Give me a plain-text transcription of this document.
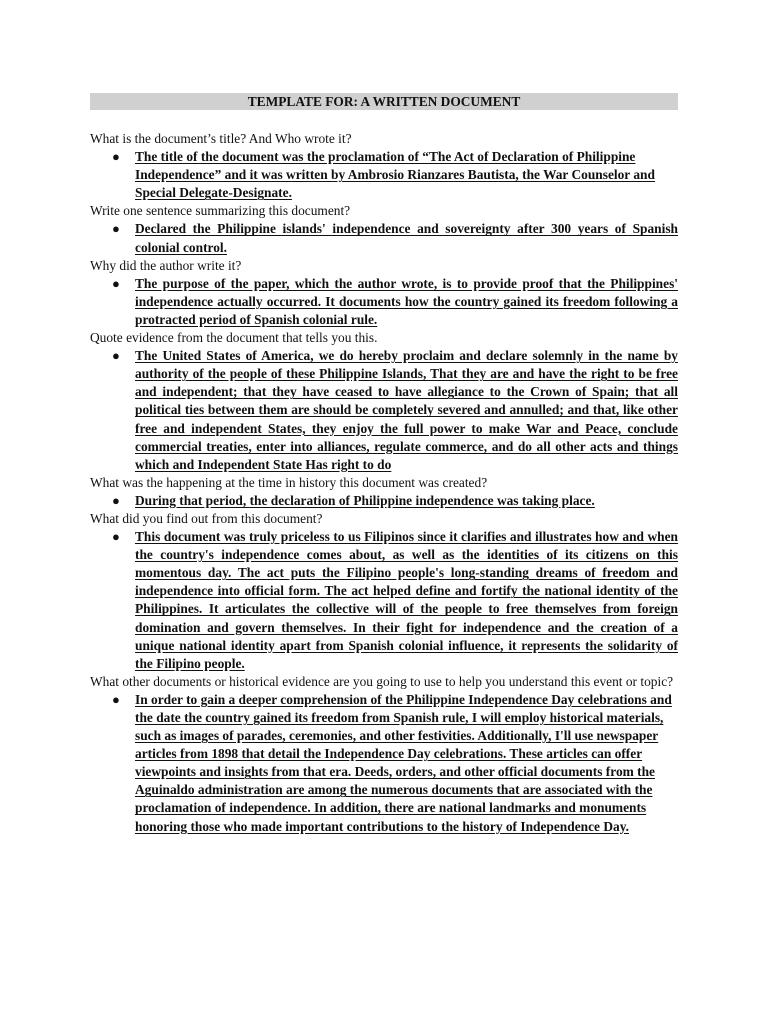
TEMPLATE FOR: A WRITTEN DOCUMENT
What is the document’s title? And Who wrote it?
● The title of the document was the proclamation of “The Act of Declaration of Philippine Independence” and it was written by Ambrosio Rianzares Bautista, the War Counselor and Special Delegate-Designate.
Write one sentence summarizing this document?
● Declared the Philippine islands' independence and sovereignty after 300 years of Spanish colonial control.
Why did the author write it?
● The purpose of the paper, which the author wrote, is to provide proof that the Philippines' independence actually occurred. It documents how the country gained its freedom following a protracted period of Spanish colonial rule.
Quote evidence from the document that tells you this.
● The United States of America, we do hereby proclaim and declare solemnly in the name by authority of the people of these Philippine Islands, That they are and have the right to be free and independent; that they have ceased to have allegiance to the Crown of Spain; that all political ties between them are should be completely severed and annulled; and that, like other free and independent States, they enjoy the full power to make War and Peace, conclude commercial treaties, enter into alliances, regulate commerce, and do all other acts and things which and Independent State Has right to do
What was the happening at the time in history this document was created?
● During that period, the declaration of Philippine independence was taking place.
What did you find out from this document?
● This document was truly priceless to us Filipinos since it clarifies and illustrates how and when the country's independence comes about, as well as the identities of its citizens on this momentous day. The act puts the Filipino people's long-standing dreams of freedom and independence into official form. The act helped define and fortify the national identity of the Philippines. It articulates the collective will of the people to free themselves from foreign domination and govern themselves. In their fight for independence and the creation of a unique national identity apart from Spanish colonial influence, it represents the solidarity of the Filipino people.
What other documents or historical evidence are you going to use to help you understand this event or topic?
● In order to gain a deeper comprehension of the Philippine Independence Day celebrations and the date the country gained its freedom from Spanish rule, I will employ historical materials, such as images of parades, ceremonies, and other festivities. Additionally, I'll use newspaper articles from 1898 that detail the Independence Day celebrations. These articles can offer viewpoints and insights from that era. Deeds, orders, and other official documents from the Aguinaldo administration are among the numerous documents that are associated with the proclamation of independence. In addition, there are national landmarks and monuments honoring those who made important contributions to the history of Independence Day.
